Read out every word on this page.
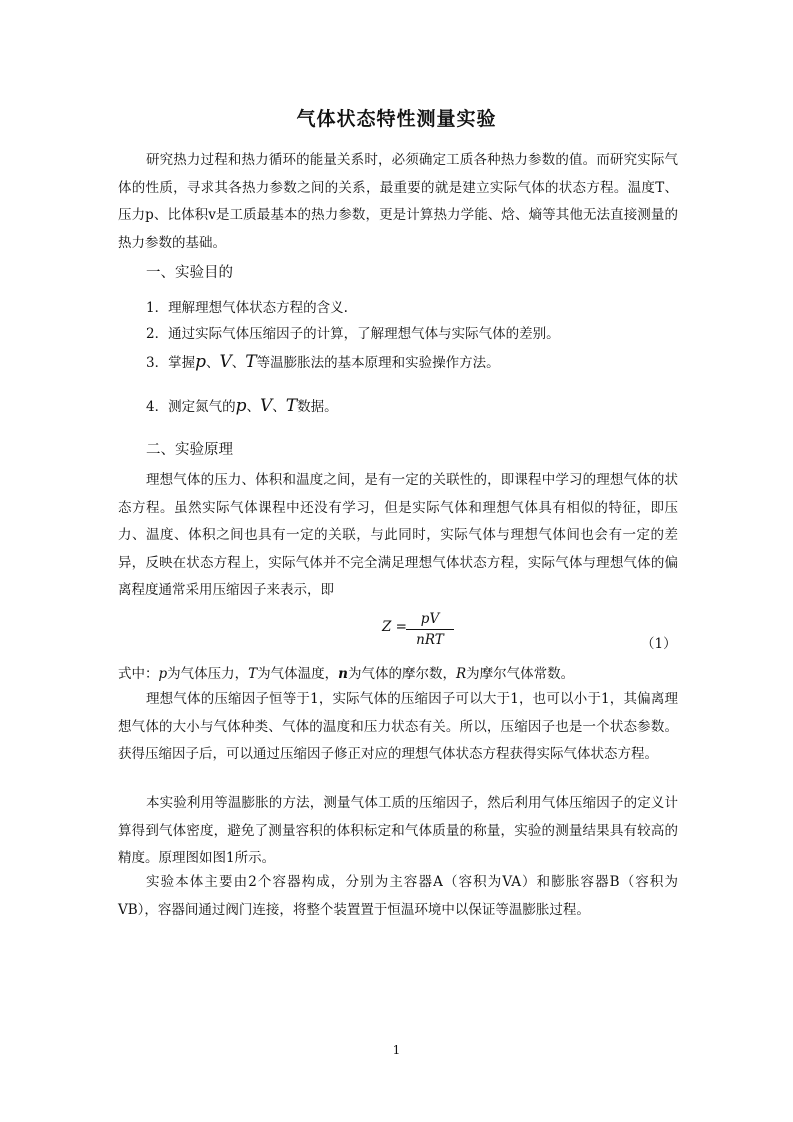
气体状态特性测量实验

研究热力过程和热力循环的能量关系时，必须确定工质各种热力参数的值。而研究实际气体的性质，寻求其各热力参数之间的关系，最重要的就是建立实际气体的状态方程。温度T、压力p、比体积v是工质最基本的热力参数，更是计算热力学能、焓、熵等其他无法直接测量的热力参数的基础。

一、实验目的
1．理解理想气体状态方程的含义.
2．通过实际气体压缩因子的计算，了解理想气体与实际气体的差别。
3．掌握p、V、T等温膨胀法的基本原理和实验操作方法。
4．测定氮气的p、V、T数据。
二、实验原理

理想气体的压力、体积和温度之间，是有一定的关联性的，即课程中学习的理想气体的状态方程。虽然实际气体课程中还没有学习，但是实际气体和理想气体具有相似的特征，即压力、温度、体积之间也具有一定的关联，与此同时，实际气体与理想气体间也会有一定的差异，反映在状态方程上，实际气体并不完全满足理想气体状态方程，实际气体与理想气体的偏离程度通常采用压缩因子来表示，即

Z =	pV
nRT	（1）
式中：p为气体压力，T为气体温度，n为气体的摩尔数，R为摩尔气体常数。

理想气体的压缩因子恒等于1，实际气体的压缩因子可以大于1，也可以小于1，其偏离理想气体的大小与气体种类、气体的温度和压力状态有关。所以，压缩因子也是一个状态参数。获得压缩因子后，可以通过压缩因子修正对应的理想气体状态方程获得实际气体状态方程。

本实验利用等温膨胀的方法，测量气体工质的压缩因子，然后利用气体压缩因子的定义计算得到气体密度，避免了测量容积的体积标定和气体质量的称量，实验的测量结果具有较高的精度。原理图如图1所示。

实验本体主要由2个容器构成，分别为主容器A（容积为VA）和膨胀容器B（容积为VB），容器间通过阀门连接，将整个装置置于恒温环境中以保证等温膨胀过程。

1
